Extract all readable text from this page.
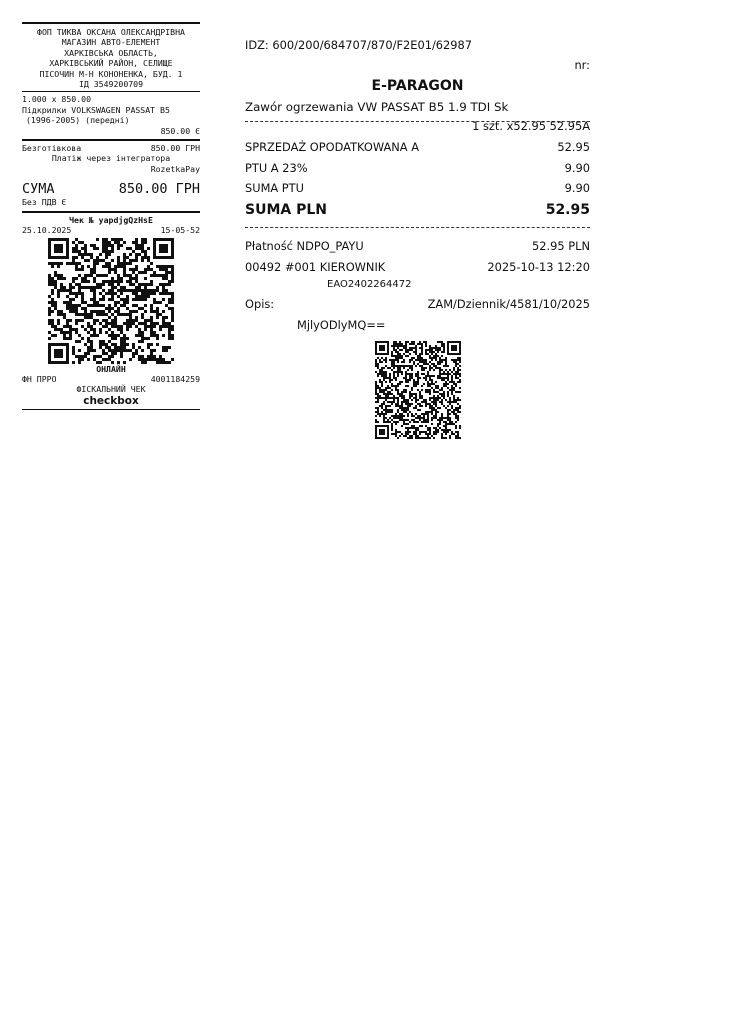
ФОП ТИКВА ОКСАНА ОЛЕКСАНДРІВНА
МАГАЗИН АВТО-ЕЛЕМЕНТ
ХАРКІВСЬКА ОБЛАСТЬ,
ХАРКІВСЬКИЙ РАЙОН, СЕЛИЩЕ
ПІСОЧИН М-Н КОНОНЕНКА, БУД. 1
ІД 3549200709
1.000 x 850.00
Підкрилки VOLKSWAGEN PASSAT B5
(1996-2005) (передні)
850.00 Є
Безготівкова	850.00 ГРН
Платіж через інтегратора
RozetkaPay
СУМА	850.00 ГРН
Без ПДВ Є
Чек № yapdjgQzHsE
25.10.2025	15-05-52
ОНЛАЙН
ФН ПРРО	4001184259
ФІСКАЛЬНИЙ ЧЕК
checkbox
IDZ: 600/200/684707/870/F2E01/62987
nr:
E-PARAGON
Zawór ogrzewania VW PASSAT B5 1.9 TDI Sk
1 szt. x52.95 52.95A
SPRZEDAŻ OPODATKOWANA A	52.95
PTU A 23%	9.90
SUMA PTU	9.90
SUMA PLN	52.95
Płatność NDPO_PAYU	52.95 PLN
00492 #001 KIEROWNIK	2025-10-13 12:20
EAO2402264472
Opis:	ZAM/Dziennik/4581/10/2025
MjlyODlyMQ==
